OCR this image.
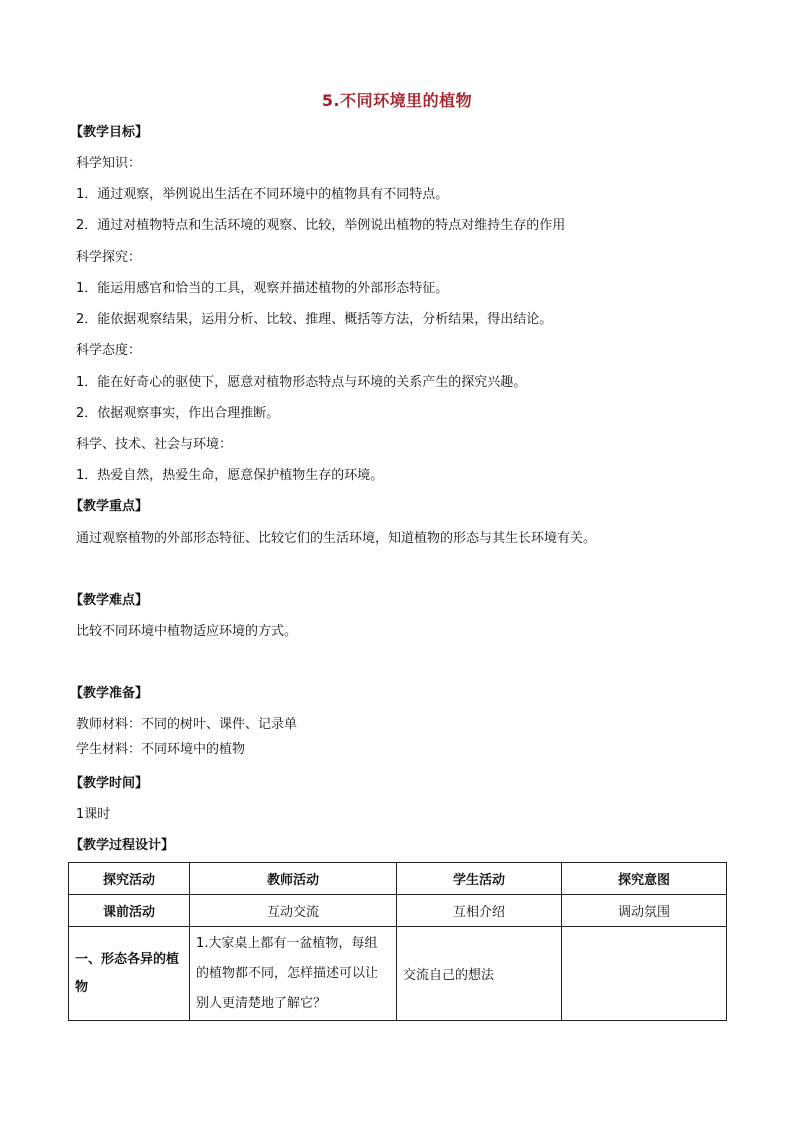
5.不同环境里的植物
【教学目标】
科学知识：
1．通过观察，举例说出生活在不同环境中的植物具有不同特点。
2．通过对植物特点和生活环境的观察、比较，举例说出植物的特点对维持生存的作用
科学探究：
1．能运用感官和恰当的工具，观察并描述植物的外部形态特征。
2．能依据观察结果，运用分析、比较、推理、概括等方法，分析结果，得出结论。
科学态度：
1．能在好奇心的驱使下，愿意对植物形态特点与环境的关系产生的探究兴趣。
2．依据观察事实，作出合理推断。
科学、技术、社会与环境：
1．热爱自然，热爱生命，愿意保护植物生存的环境。
【教学重点】
通过观察植物的外部形态特征、比较它们的生活环境，知道植物的形态与其生长环境有关。
【教学难点】
比较不同环境中植物适应环境的方式。
【教学准备】
教师材料：不同的树叶、课件、记录单
学生材料：不同环境中的植物
【教学时间】
1课时
【教学过程设计】
探究活动	教师活动	学生活动	探究意图
课前活动	互动交流	互相介绍	调动氛围
一、形态各异的植物	1.大家桌上都有一盆植物，每组的植物都不同，怎样描述可以让别人更清楚地了解它？	交流自己的想法	
